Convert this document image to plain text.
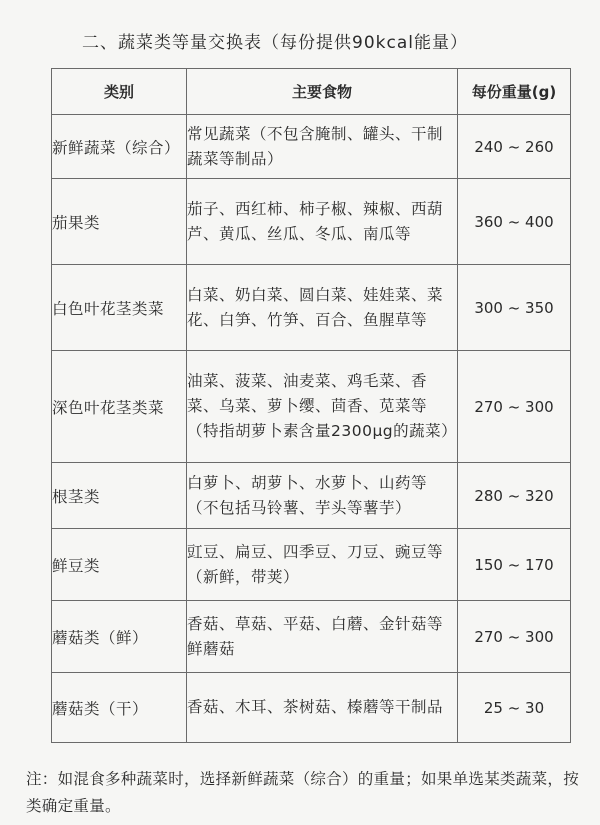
二、蔬菜类等量交换表（每份提供90kcal能量）
类别	主要食物	每份重量(g)
新鲜蔬菜（综合）	常见蔬菜（不包含腌制、罐头、干制蔬菜等制品）	240 ~ 260
茄果类	茄子、西红柿、柿子椒、辣椒、西葫芦、黄瓜、丝瓜、冬瓜、南瓜等	360 ~ 400
白色叶花茎类菜	白菜、奶白菜、圆白菜、娃娃菜、菜花、白笋、竹笋、百合、鱼腥草等	300 ~ 350
深色叶花茎类菜	油菜、菠菜、油麦菜、鸡毛菜、香菜、乌菜、萝卜缨、茴香、苋菜等（特指胡萝卜素含量2300μg的蔬菜）	270 ~ 300
根茎类	白萝卜、胡萝卜、水萝卜、山药等（不包括马铃薯、芋头等薯芋）	280 ~ 320
鲜豆类	豇豆、扁豆、四季豆、刀豆、豌豆等（新鲜，带荚）	150 ~ 170
蘑菇类（鲜）	香菇、草菇、平菇、白蘑、金针菇等鲜蘑菇	270 ~ 300
蘑菇类（干）	香菇、木耳、茶树菇、榛蘑等干制品	25 ~ 30
注：如混食多种蔬菜时，选择新鲜蔬菜（综合）的重量；如果单选某类蔬菜，按类确定重量。
